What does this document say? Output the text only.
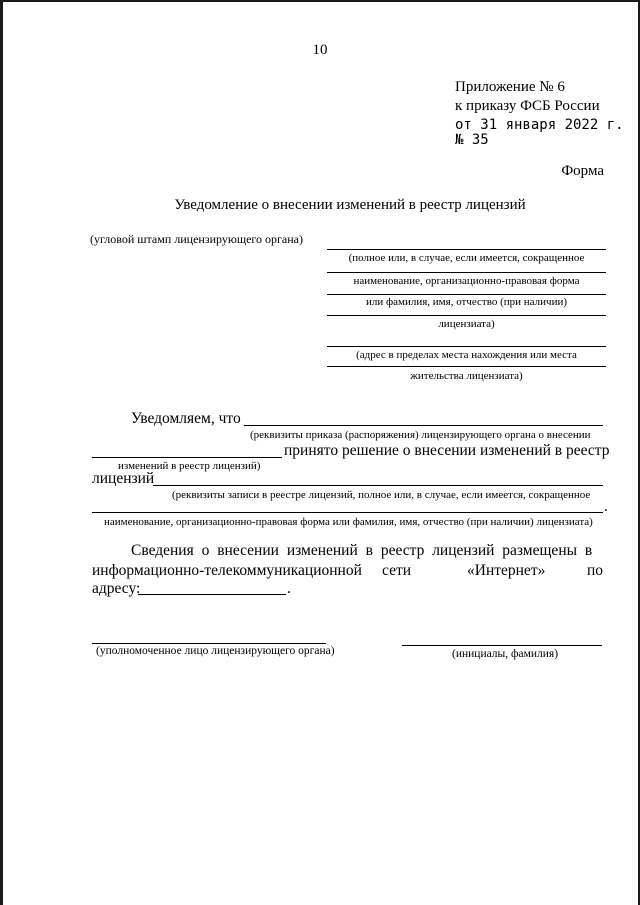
10
Приложение № 6
к приказу ФСБ России
от 31 января 2022 г.
№ 35
Форма
Уведомление о внесении изменений в реестр лицензий
(угловой штамп лицензирующего органа)
(полное или, в случае, если имеется, сокращенное
наименование, организационно-правовая форма
или фамилия, имя, отчество (при наличии)
лицензиата)
(адрес в пределах места нахождения или места
жительства лицензиата)
Уведомляем, что
(реквизиты приказа (распоряжения) лицензирующего органа о внесении
принято решение о внесении изменений в реестр
изменений в реестр лицензий)
лицензий
(реквизиты записи в реестре лицензий, полное или, в случае, если имеется, сокращенное
.
наименование, организационно-правовая форма или фамилия, имя, отчество (при наличии) лицензиата)
Сведения о внесении изменений в реестр лицензий размещены в
информационно-телекоммуникационной сети	«Интернет»	по
адресу:	.
(уполномоченное лицо лицензирующего органа)	(инициалы, фамилия)
